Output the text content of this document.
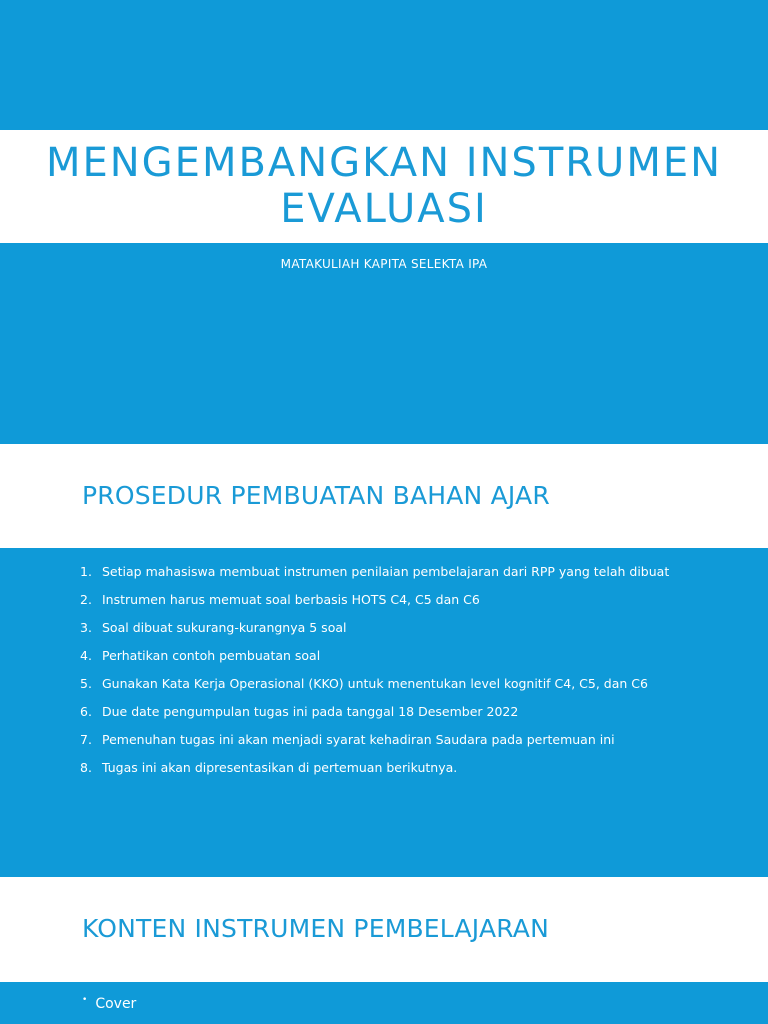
MENGEMBANGKAN INSTRUMEN
EVALUASI

MATAKULIAH KAPITA SELEKTA IPA

PROSEDUR PEMBUATAN BAHAN AJAR
1. Setiap mahasiswa membuat instrumen penilaian pembelajaran dari RPP yang telah dibuat
2. Instrumen harus memuat soal berbasis HOTS C4, C5 dan C6
3. Soal dibuat sukurang-kurangnya 5 soal
4. Perhatikan contoh pembuatan soal
5. Gunakan Kata Kerja Operasional (KKO) untuk menentukan level kognitif C4, C5, dan C6
6. Due date pengumpulan tugas ini pada tanggal 18 Desember 2022
7. Pemenuhan tugas ini akan menjadi syarat kehadiran Saudara pada pertemuan ini
8. Tugas ini akan dipresentasikan di pertemuan berikutnya.
KONTEN INSTRUMEN PEMBELAJARAN
• Cover
